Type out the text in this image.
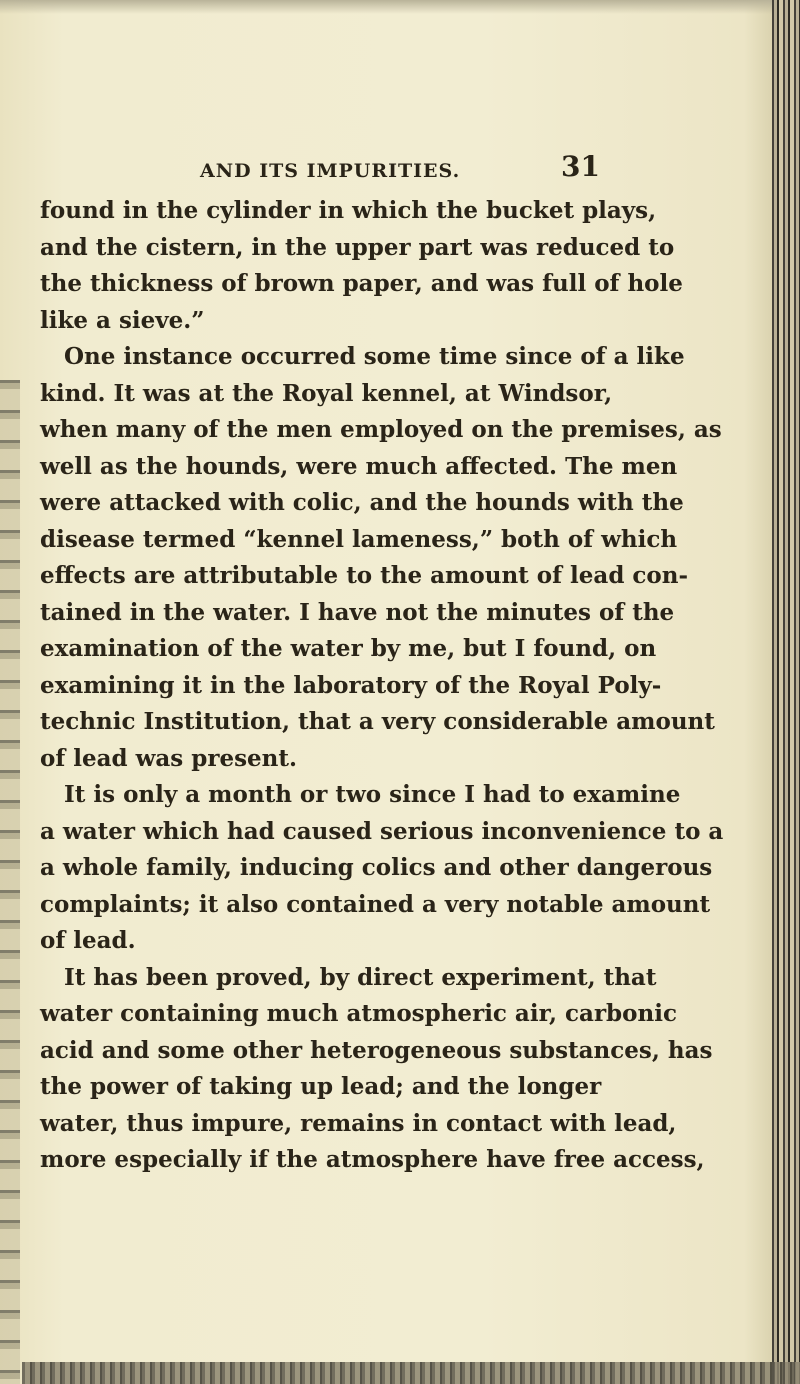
AND ITS IMPURITIES.	31
found in the cylinder in which the bucket plays,
and the cistern, in the upper part was reduced to
the thickness of brown paper, and was full of hole
like a sieve.”
One instance occurred some time since of a like
kind. It was at the Royal kennel, at Windsor,
when many of the men employed on the premises, as
well as the hounds, were much affected. The men
were attacked with colic, and the hounds with the
disease termed “kennel lameness,” both of which
effects are attributable to the amount of lead con-
tained in the water. I have not the minutes of the
examination of the water by me, but I found, on
examining it in the laboratory of the Royal Poly-
technic Institution, that a very considerable amount
of lead was present.
It is only a month or two since I had to examine
a water which had caused serious inconvenience to a
a whole family, inducing colics and other dangerous
complaints; it also contained a very notable amount
of lead.
It has been proved, by direct experiment, that
water containing much atmospheric air, carbonic
acid and some other heterogeneous substances, has
the power of taking up lead; and the longer
water, thus impure, remains in contact with lead,
more especially if the atmosphere have free access,
